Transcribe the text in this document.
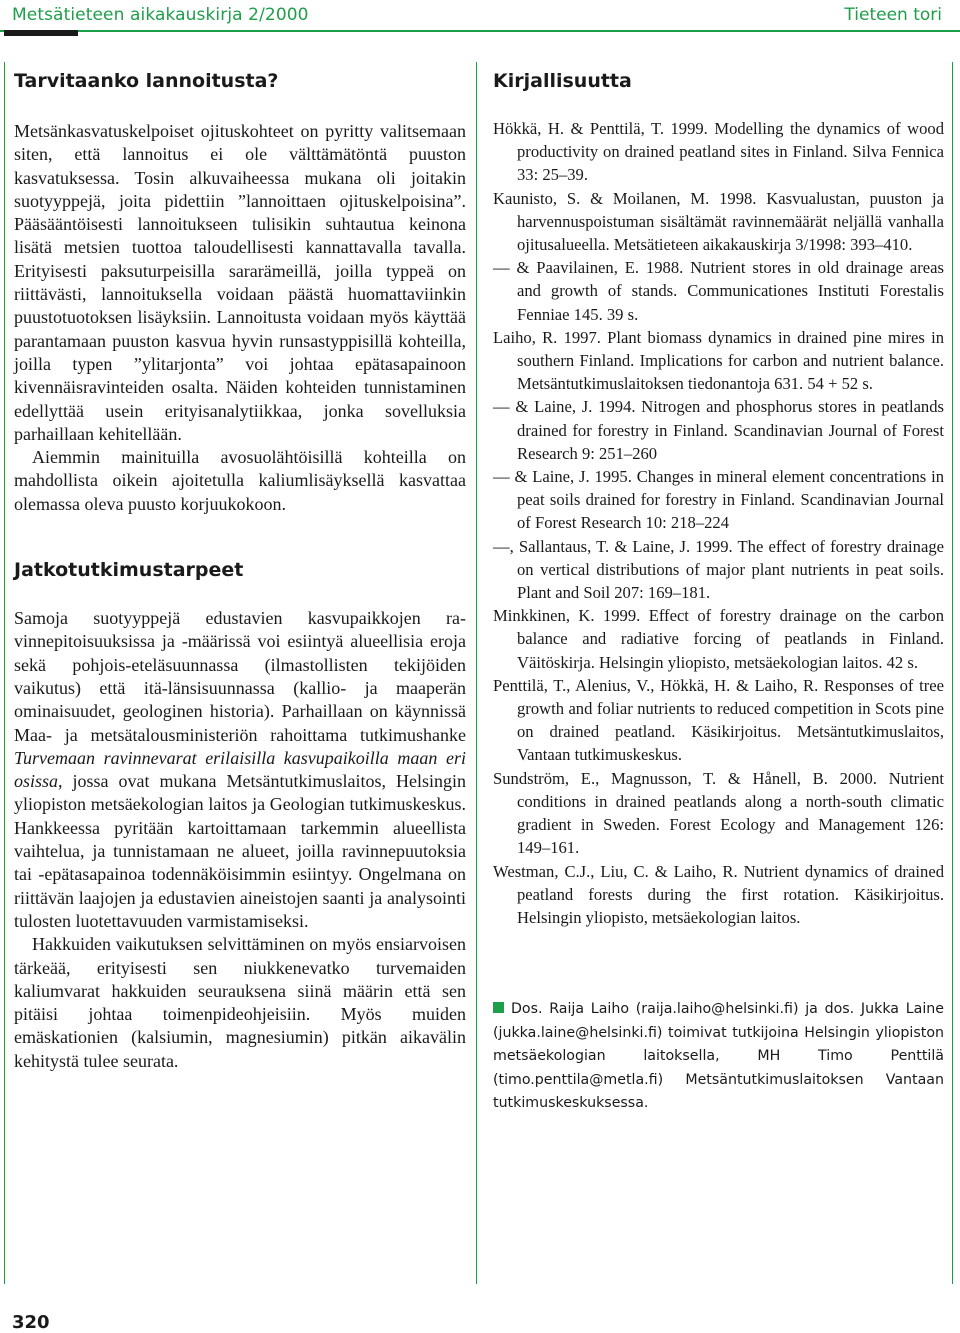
Metsätieteen aikakauskirja 2/2000	Tieteen tori
Tarvitaanko lannoitusta?

Metsänkasvatuskelpoiset ojituskohteet on pyritty valitsemaan siten, että lannoitus ei ole välttämätöntä puuston kasvatuksessa. Tosin alkuvaiheessa mukana oli joitakin suotyyppejä, joita pidettiin ”lannoittaen ojituskelpoisina”. Pääsääntöisesti lannoitukseen tulisikin suhtautua keinona lisätä metsien tuottoa taloudellisesti kannattavalla tavalla. Erityisesti paksuturpeisilla sararämeillä, joilla typpeä on riittävästi, lannoituksella voidaan päästä huomattaviinkin puustotuotoksen lisäyksiin. Lannoitusta voidaan myös käyttää parantamaan puuston kasvua hyvin runsastyppisillä kohteilla, joilla typen ”ylitarjonta” voi johtaa epätasapainoon kivennäisravinteiden osalta. Näiden kohteiden tunnistaminen edellyttää usein erityisanalytiikkaa, jonka sovelluksia parhaillaan kehitellään.

Aiemmin mainituilla avosuolähtöisillä kohteilla on mahdollista oikein ajoitetulla kaliumlisäyksellä kasvattaa olemassa oleva puusto korjuukokoon.

Jatkotutkimustarpeet

Samoja suotyyppejä edustavien kasvupaikkojen ravinnepitoisuuksissa ja -määrissä voi esiintyä alueellisia eroja sekä pohjois-eteläsuunnassa (ilmastollisten tekijöiden vaikutus) että itä-länsisuunnassa (kallio- ja maaperän ominaisuudet, geologinen historia). Parhaillaan on käynnissä Maa- ja metsätalousministeriön rahoittama tutkimushanke Turvemaan ravinnevarat erilaisilla kasvupaikoilla maan eri osissa, jossa ovat mukana Metsäntutkimuslaitos, Helsingin yliopiston metsäekologian laitos ja Geologian tutkimuskeskus. Hankkeessa pyritään kartoittamaan tarkemmin alueellista vaihtelua, ja tunnistamaan ne alueet, joilla ravinnepuutoksia tai -epätasapainoa todennäköisimmin esiintyy. Ongelmana on riittävän laajojen ja edustavien aineistojen saanti ja analysointi tulosten luotettavuuden varmistamiseksi.

Hakkuiden vaikutuksen selvittäminen on myös ensiarvoisen tärkeää, erityisesti sen niukkenevatko turvemaiden kaliumvarat hakkuiden seurauksena siinä määrin että sen pitäisi johtaa toimenpideohjeisiin. Myös muiden emäskationien (kalsiumin, magnesiumin) pitkän aikavälin kehitystä tulee seurata.

Kirjallisuutta

Hökkä, H. & Penttilä, T. 1999. Modelling the dynamics of wood productivity on drained peatland sites in Finland. Silva Fennica 33: 25–39.

Kaunisto, S. & Moilanen, M. 1998. Kasvualustan, puuston ja harvennuspoistuman sisältämät ravinnemäärät neljällä vanhalla ojitusalueella. Metsätieteen aikakauskirja 3/1998: 393–410.

— & Paavilainen, E. 1988. Nutrient stores in old drainage areas and growth of stands. Communicationes Instituti Forestalis Fenniae 145. 39 s.

Laiho, R. 1997. Plant biomass dynamics in drained pine mires in southern Finland. Implications for carbon and nutrient balance. Metsäntutkimuslaitoksen tiedonantoja 631. 54 + 52 s.

— & Laine, J. 1994. Nitrogen and phosphorus stores in peatlands drained for forestry in Finland. Scandinavian Journal of Forest Research 9: 251–260

— & Laine, J. 1995. Changes in mineral element concentrations in peat soils drained for forestry in Finland. Scandinavian Journal of Forest Research 10: 218–224

—, Sallantaus, T. & Laine, J. 1999. The effect of forestry drainage on vertical distributions of major plant nutrients in peat soils. Plant and Soil 207: 169–181.

Minkkinen, K. 1999. Effect of forestry drainage on the carbon balance and radiative forcing of peatlands in Finland. Väitöskirja. Helsingin yliopisto, metsäekologian laitos. 42 s.

Penttilä, T., Alenius, V., Hökkä, H. & Laiho, R. Responses of tree growth and foliar nutrients to reduced competition in Scots pine on drained peatland. Käsikirjoitus. Metsäntutkimuslaitos, Vantaan tutkimuskeskus.

Sundström, E., Magnusson, T. & Hånell, B. 2000. Nutrient conditions in drained peatlands along a north-south climatic gradient in Sweden. Forest Ecology and Management 126: 149–161.

Westman, C.J., Liu, C. & Laiho, R. Nutrient dynamics of drained peatland forests during the first rotation. Käsikirjoitus. Helsingin yliopisto, metsäekologian laitos.

Dos. Raija Laiho (raija.laiho@helsinki.fi) ja dos. Jukka Laine (jukka.laine@helsinki.fi) toimivat tutkijoina Helsingin yliopiston metsäekologian laitoksella, MH Timo Penttilä (timo.penttila@metla.fi) Metsäntutkimuslaitoksen Vantaan tutkimuskeskuksessa.

320
